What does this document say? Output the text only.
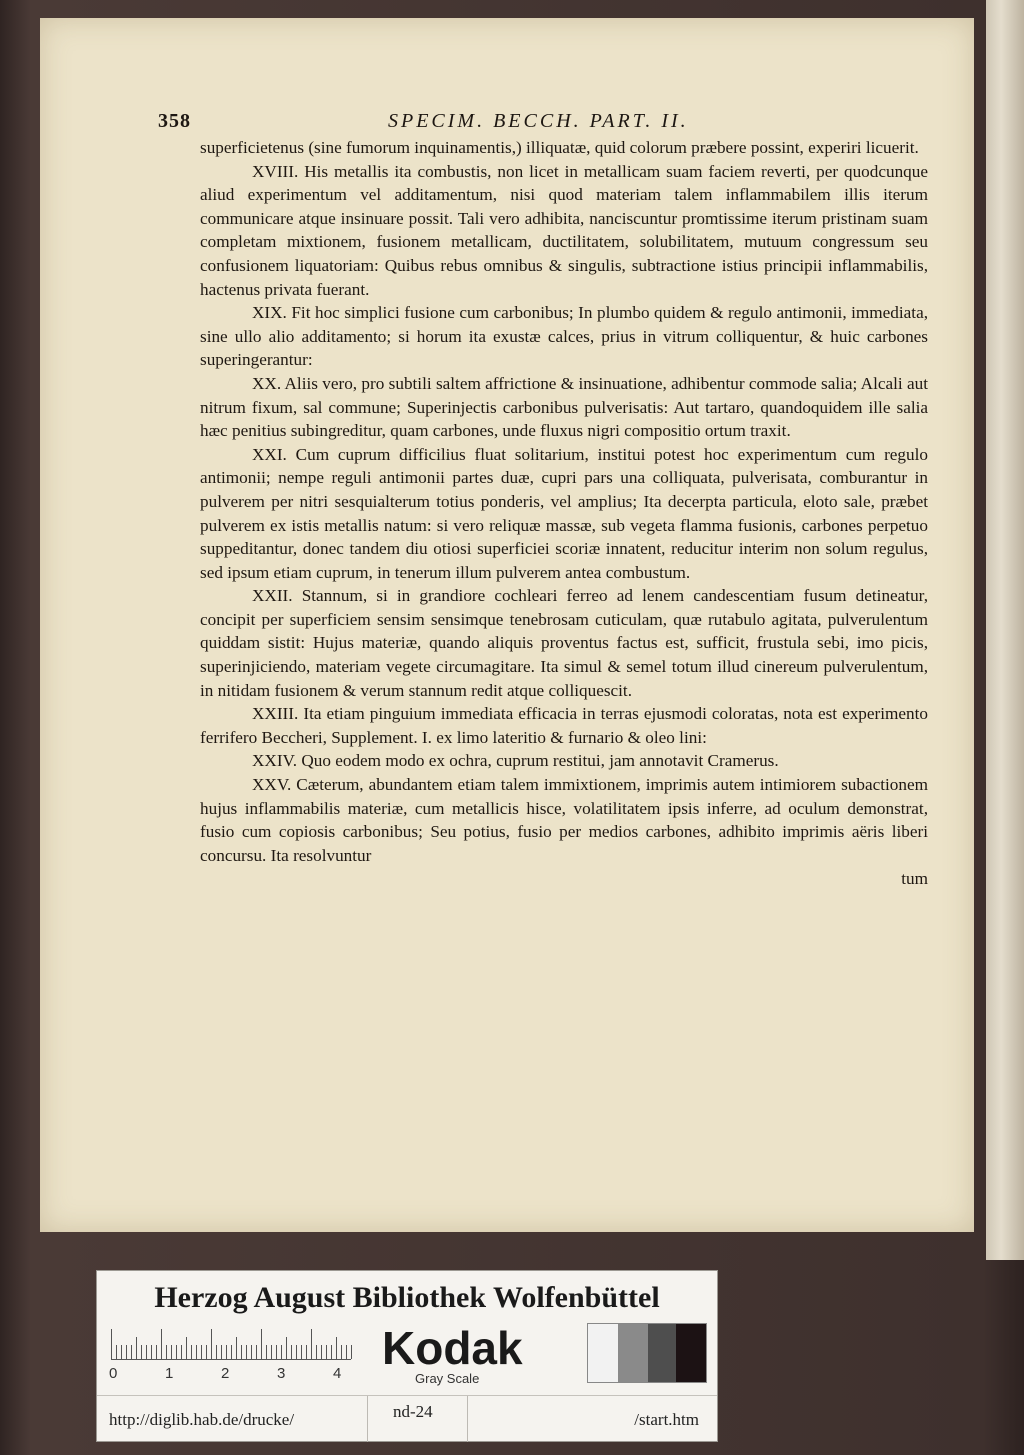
358	SPECIM. BECCH. PART. II.

superficietenus (sine fumorum inquinamentis,) illiquatæ, quid colorum præbere possint, experiri licuerit.

XVIII. His metallis ita combustis, non licet in metallicam suam faciem reverti, per quodcunque aliud experimentum vel additamentum, nisi quod materiam talem inflammabilem illis iterum communicare atque insinuare possit. Tali vero adhibita, nanciscuntur promtissime iterum pristinam suam completam mixtionem, fusionem metallicam, ductilitatem, solubilitatem, mutuum congressum seu confusionem liquatoriam: Quibus rebus omnibus & singulis, subtractione istius principii inflammabilis, hactenus privata fuerant.

XIX. Fit hoc simplici fusione cum carbonibus; In plumbo quidem & regulo antimonii, immediata, sine ullo alio additamento; si horum ita exustæ calces, prius in vitrum colliquentur, & huic carbones superingerantur:

XX. Aliis vero, pro subtili saltem affrictione & insinuatione, adhibentur commode salia; Alcali aut nitrum fixum, sal commune; Superinjectis carbonibus pulverisatis: Aut tartaro, quandoquidem ille salia hæc penitius subingreditur, quam carbones, unde fluxus nigri compositio ortum traxit.

XXI. Cum cuprum difficilius fluat solitarium, institui potest hoc experimentum cum regulo antimonii; nempe reguli antimonii partes duæ, cupri pars una colliquata, pulverisata, comburantur in pulverem per nitri sesquialterum totius ponderis, vel amplius; Ita decerpta particula, eloto sale, præbet pulverem ex istis metallis natum: si vero reliquæ massæ, sub vegeta flamma fusionis, carbones perpetuo suppeditantur, donec tandem diu otiosi superficiei scoriæ innatent, reducitur interim non solum regulus, sed ipsum etiam cuprum, in tenerum illum pulverem antea combustum.

XXII. Stannum, si in grandiore cochleari ferreo ad lenem candescentiam fusum detineatur, concipit per superficiem sensim sensimque tenebrosam cuticulam, quæ rutabulo agitata, pulverulentum quiddam sistit: Hujus materiæ, quando aliquis proventus factus est, sufficit, frustula sebi, imo picis, superinjiciendo, materiam vegete circumagitare. Ita simul & semel totum illud cinereum pulverulentum, in nitidam fusionem & verum stannum redit atque colliquescit.

XXIII. Ita etiam pinguium immediata efficacia in terras ejusmodi coloratas, nota est experimento ferrifero Beccheri, Supplement. I. ex limo lateritio & furnario & oleo lini:

XXIV. Quo eodem modo ex ochra, cuprum restitui, jam annotavit Cramerus.

XXV. Cæterum, abundantem etiam talem immixtionem, imprimis autem intimiorem subactionem hujus inflammabilis materiæ, cum metallicis hisce, volatilitatem ipsis inferre, ad oculum demonstrat, fusio cum copiosis carbonibus; Seu potius, fusio per medios carbones, adhibito imprimis aëris liberi concursu. Ita resolvuntur

tum
Herzog August Bibliothek Wolfenbüttel
0	1	2	3	4 Kodak
Gray Scale
http://diglib.hab.de/drucke/	nd-24	/start.htm
